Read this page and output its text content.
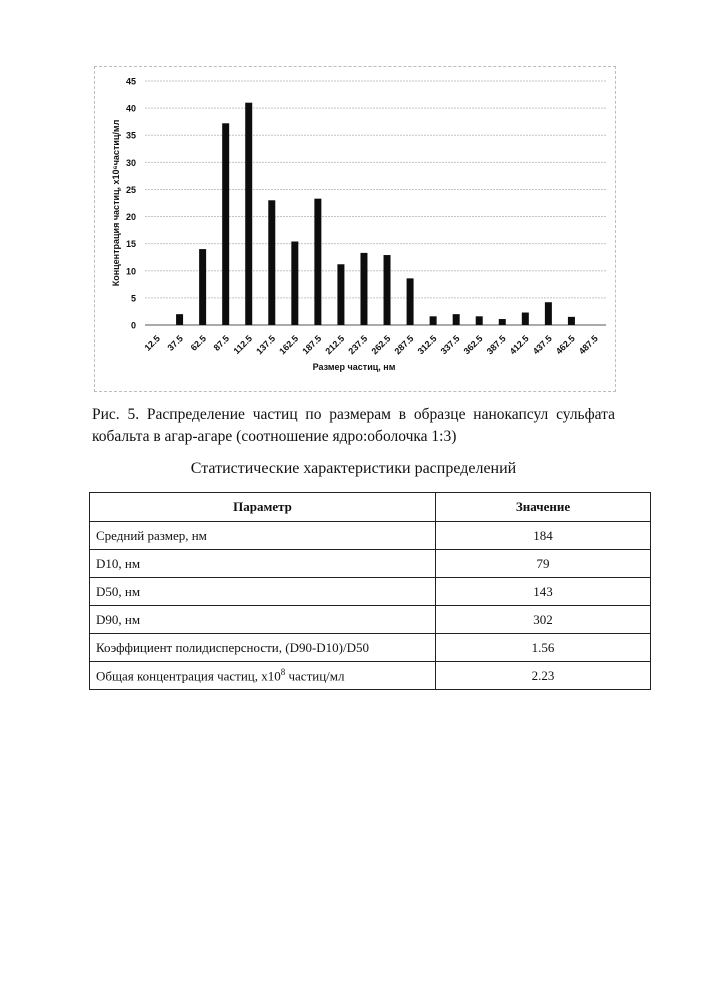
0
5
10
15
20
25
30
35
40
45
12.5 37.5 62.5 87.5 112.5 137.5 162.5 187.5 212.5 237.5 262.5 287.5 312.5 337.5 362.5 387.5 412.5 437.5 462.5 487.5
Размер частиц, нм
Концентрация частиц, х10⁶частиц/мл
Рис. 5. Распределение частиц по размерам в образце нанокапсул сульфата
кобальта в агар-агаре (соотношение ядро:оболочка 1:3)
Статистические характеристики распределений
Параметр	Значение
Средний размер, нм	184
D10, нм	79
D50, нм	143
D90, нм	302
Коэффициент полидисперсности, (D90-D10)/D50	1.56
Общая концентрация частиц, х108 частиц/мл	2.23
